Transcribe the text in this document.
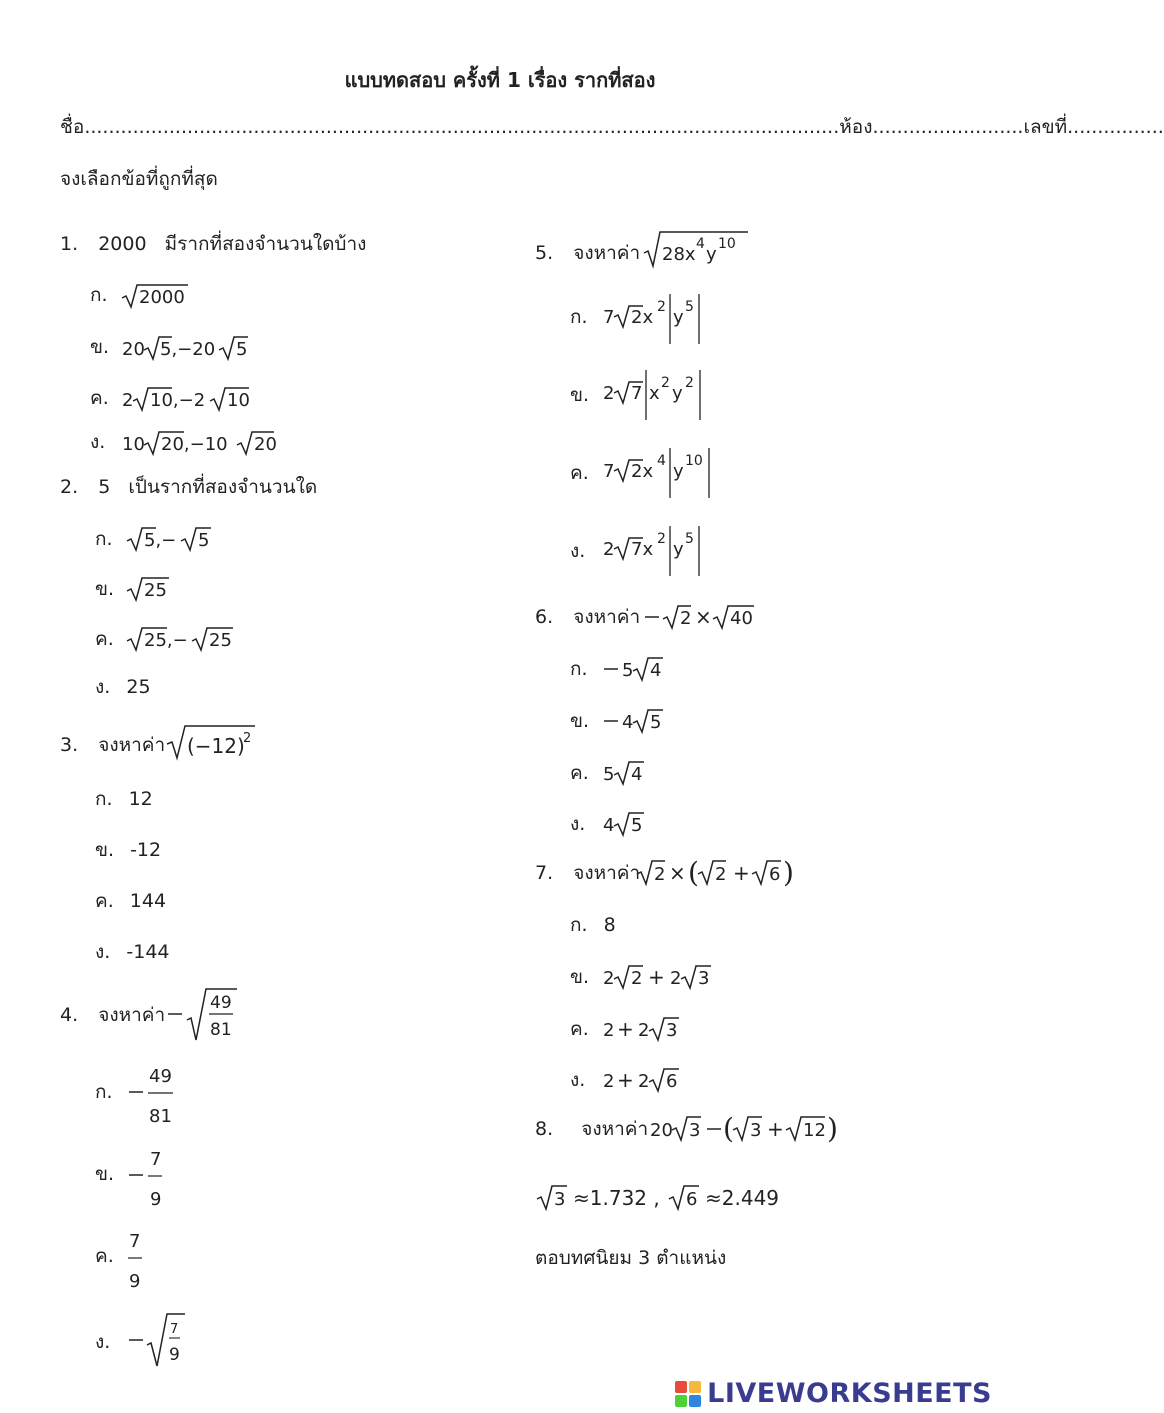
แบบทดสอบ ครั้งที่ 1 เรื่อง รากที่สอง
ชื่อ.............................................................................................................................ห้อง.........................เลขที่................
จงเลือกข้อที่ถูกที่สุด
1. 2000   มีรากที่สองจำนวนใดบ้าง
ก. 2000
ข. 20 5,−20 5
ค. 2 10,−2 10
ง. 10 20,−10 20
2. 5   เป็นรากที่สองจำนวนใด
ก. 5,− 5
ข. 25
ค. 25,− 25
ง. 25
3. จงหาค่า (−12)
2
ก. 12
ข. -12
ค. 144
ง. -144
4. จงหาค่า
49
81
ก.
49
81
ข.
7
9
ค.
7
9
ง.
7
9
5. จงหาค่า 28x 4 y 10
ก. 7 2x 2 y 5
ข. 2 7 x 2 y 2
ค. 7 2x 4 y 10
ง. 2 7x 2 y 5
6. จงหาค่า 2 × 40
ก. 5 4
ข. 4 5
ค. 5 4
ง. 4 5
7. จงหาค่า 2 × ( 2 + 6 )
ก. 8
ข. 2 2 + 2 3
ค. 2 + 2 3
ง. 2 + 2 6
8. จงหาค่า 20 3 ( 3 + 12 )
3 ≈1.732 , 6 ≈2.449
ตอบทศนิยม 3 ตำแหน่ง
LIVEWORKSHEETS
